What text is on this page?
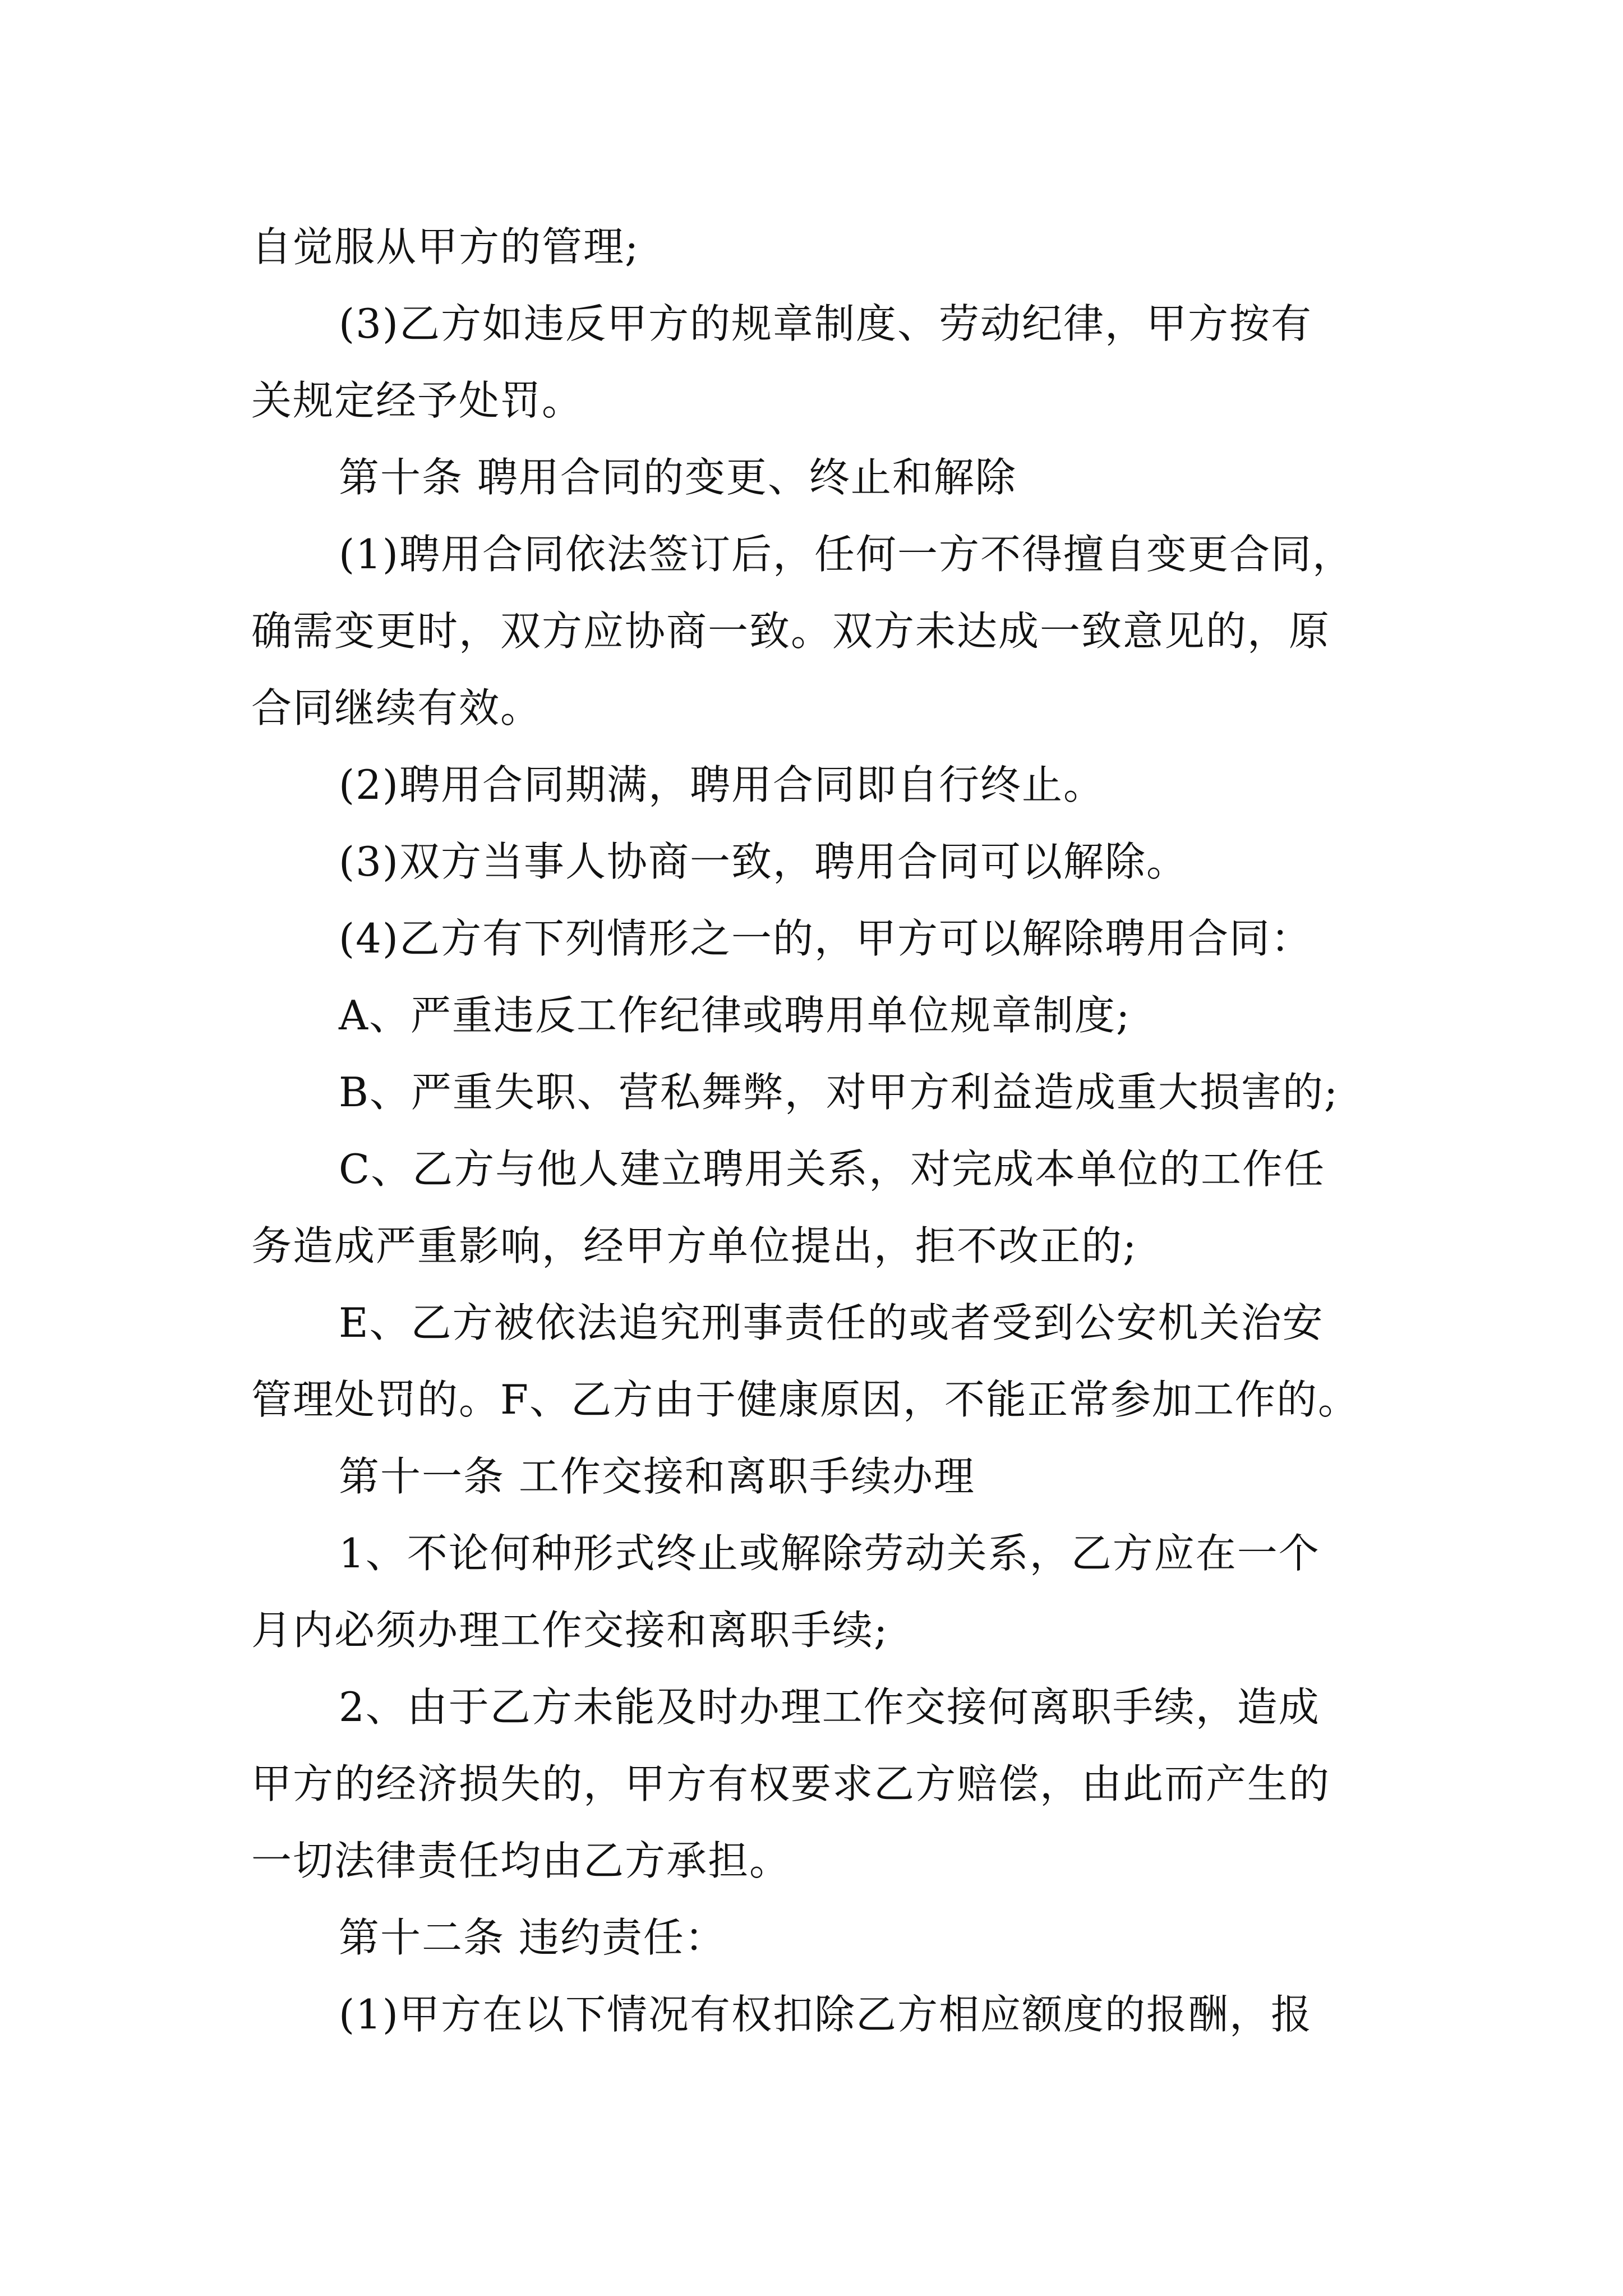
自觉服从甲方的管理;
(3)乙方如违反甲方的规章制度、劳动纪律，甲方按有
关规定经予处罚。
第十条 聘用合同的变更、终止和解除
(1)聘用合同依法签订后，任何一方不得擅自变更合同，
确需变更时，双方应协商一致。双方未达成一致意见的，原
合同继续有效。
(2)聘用合同期满，聘用合同即自行终止。
(3)双方当事人协商一致，聘用合同可以解除。
(4)乙方有下列情形之一的，甲方可以解除聘用合同：
A、严重违反工作纪律或聘用单位规章制度;
B、严重失职、营私舞弊，对甲方利益造成重大损害的;
C、乙方与他人建立聘用关系，对完成本单位的工作任
务造成严重影响，经甲方单位提出，拒不改正的;
E、乙方被依法追究刑事责任的或者受到公安机关治安
管理处罚的。F、乙方由于健康原因，不能正常参加工作的。
第十一条 工作交接和离职手续办理
1、不论何种形式终止或解除劳动关系，乙方应在一个
月内必须办理工作交接和离职手续;
2、由于乙方未能及时办理工作交接何离职手续，造成
甲方的经济损失的，甲方有权要求乙方赔偿，由此而产生的
一切法律责任均由乙方承担。
第十二条 违约责任：
(1)甲方在以下情况有权扣除乙方相应额度的报酬，报
